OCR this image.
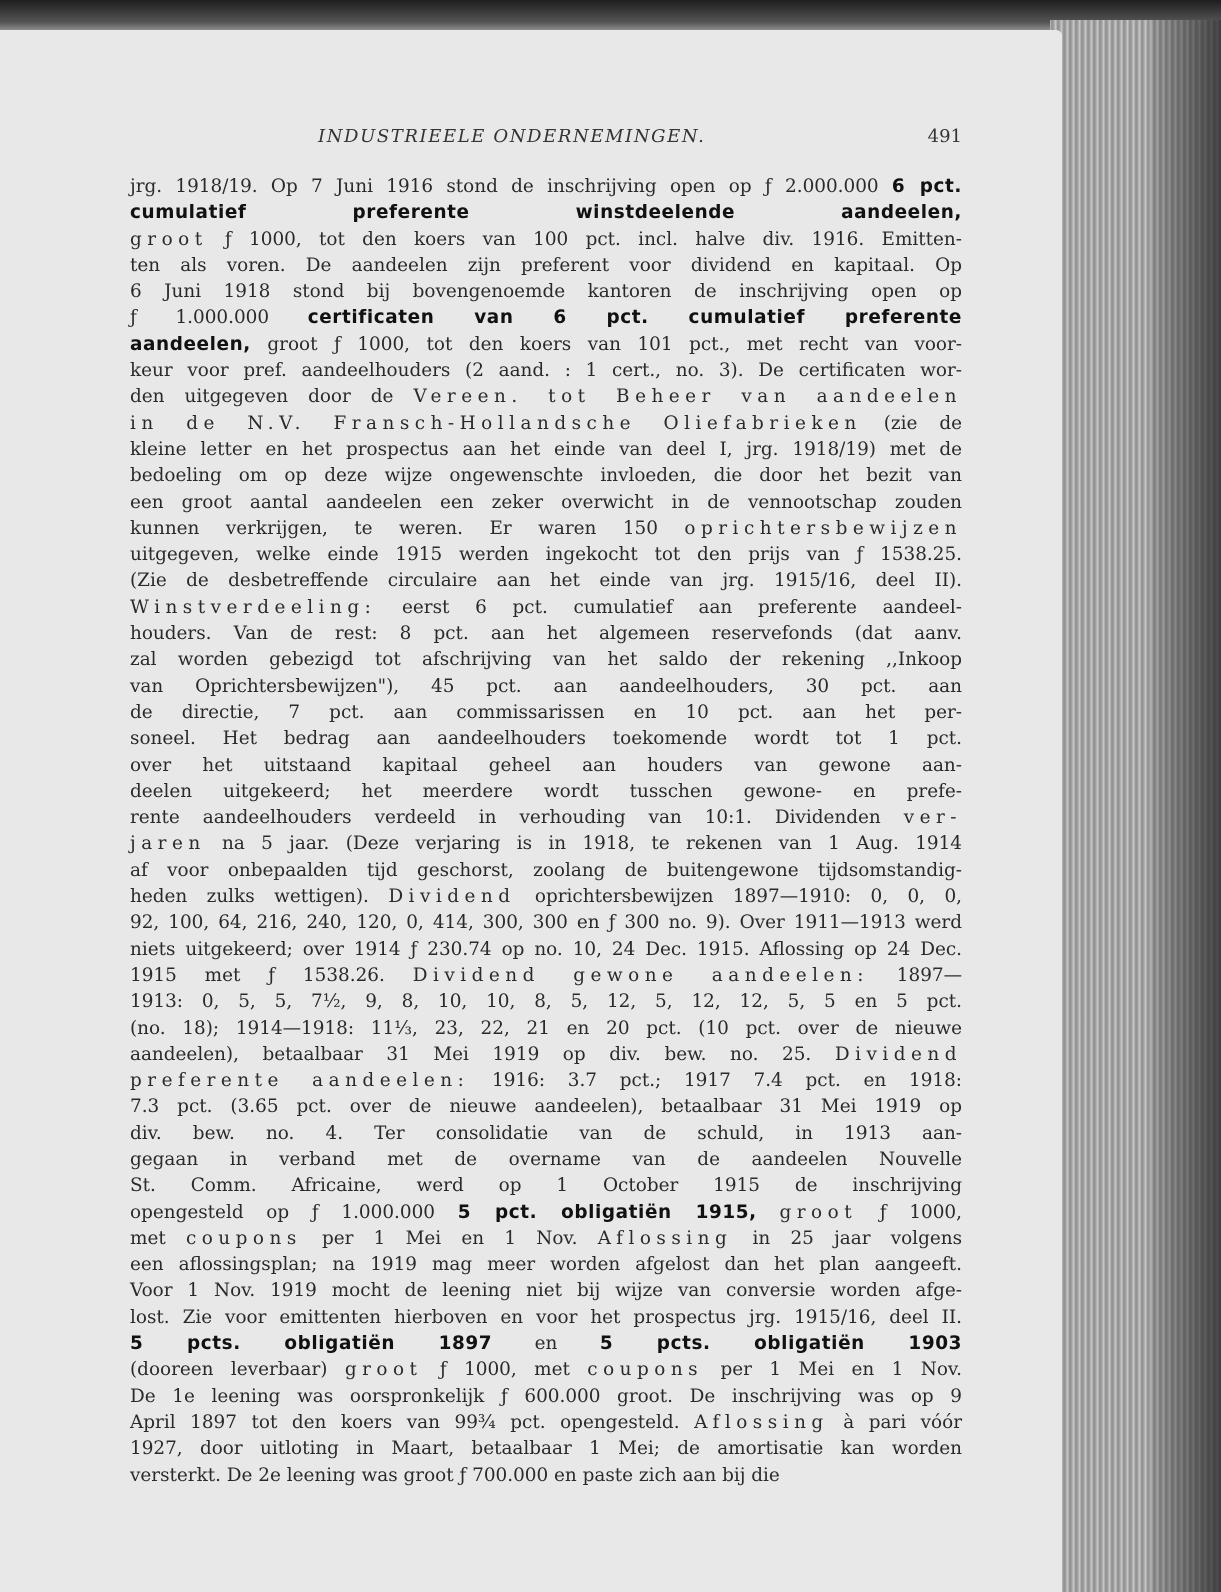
INDUSTRIEELE ONDERNEMINGEN.	491
jrg. 1918/19. Op 7 Juni 1916 stond de inschrijving open op ƒ 2.000.000 6 pct.
cumulatief preferente winstdeelende aandeelen,
groot ƒ 1000, tot den koers van 100 pct. incl. halve div. 1916. Emitten-
ten als voren. De aandeelen zijn preferent voor dividend en kapitaal. Op
6 Juni 1918 stond bij bovengenoemde kantoren de inschrijving open op
ƒ 1.000.000 certificaten van 6 pct. cumulatief preferente
aandeelen, groot ƒ 1000, tot den koers van 101 pct., met recht van voor-
keur voor pref. aandeelhouders (2 aand. : 1 cert., no. 3). De certificaten wor-
den uitgegeven door de Vereen. tot Beheer van aandeelen
in de N.V. Fransch-Hollandsche Oliefabrieken (zie de
kleine letter en het prospectus aan het einde van deel I, jrg. 1918/19) met de
bedoeling om op deze wijze ongewenschte invloeden, die door het bezit van
een groot aantal aandeelen een zeker overwicht in de vennootschap zouden
kunnen verkrijgen, te weren. Er waren 150 oprichtersbewijzen
uitgegeven, welke einde 1915 werden ingekocht tot den prijs van ƒ 1538.25.
(Zie de desbetreffende circulaire aan het einde van jrg. 1915/16, deel II).
Winstverdeeling: eerst 6 pct. cumulatief aan preferente aandeel-
houders. Van de rest: 8 pct. aan het algemeen reservefonds (dat aanv.
zal worden gebezigd tot afschrijving van het saldo der rekening ,,Inkoop
van Oprichtersbewijzen"), 45 pct. aan aandeelhouders, 30 pct. aan
de directie, 7 pct. aan commissarissen en 10 pct. aan het per-
soneel. Het bedrag aan aandeelhouders toekomende wordt tot 1 pct.
over het uitstaand kapitaal geheel aan houders van gewone aan-
deelen uitgekeerd; het meerdere wordt tusschen gewone- en prefe-
rente aandeelhouders verdeeld in verhouding van 10:1. Dividenden ver-
jaren na 5 jaar. (Deze verjaring is in 1918, te rekenen van 1 Aug. 1914
af voor onbepaalden tijd geschorst, zoolang de buitengewone tijdsomstandig-
heden zulks wettigen). Dividend oprichtersbewijzen 1897—1910: 0, 0, 0,
92, 100, 64, 216, 240, 120, 0, 414, 300, 300 en ƒ 300 no. 9). Over 1911—1913 werd
niets uitgekeerd; over 1914 ƒ 230.74 op no. 10, 24 Dec. 1915. Aflossing op 24 Dec.
1915 met ƒ 1538.26. Dividend gewone aandeelen: 1897—
1913: 0, 5, 5, 7½, 9, 8, 10, 10, 8, 5, 12, 5, 12, 12, 5, 5 en 5 pct.
(no. 18); 1914—1918: 11⅓, 23, 22, 21 en 20 pct. (10 pct. over de nieuwe
aandeelen), betaalbaar 31 Mei 1919 op div. bew. no. 25. Dividend
preferente aandeelen: 1916: 3.7 pct.; 1917 7.4 pct. en 1918:
7.3 pct. (3.65 pct. over de nieuwe aandeelen), betaalbaar 31 Mei 1919 op
div. bew. no. 4. Ter consolidatie van de schuld, in 1913 aan-
gegaan in verband met de overname van de aandeelen Nouvelle
St. Comm. Africaine, werd op 1 October 1915 de inschrijving
opengesteld op ƒ 1.000.000 5 pct. obligatiën 1915, groot ƒ 1000,
met coupons per 1 Mei en 1 Nov. Aflossing in 25 jaar volgens
een aflossingsplan; na 1919 mag meer worden afgelost dan het plan aangeeft.
Voor 1 Nov. 1919 mocht de leening niet bij wijze van conversie worden afge-
lost. Zie voor emittenten hierboven en voor het prospectus jrg. 1915/16, deel II.
5 pcts. obligatiën 1897 en 5 pcts. obligatiën 1903
(dooreen leverbaar) groot ƒ 1000, met coupons per 1 Mei en 1 Nov.
De 1e leening was oorspronkelijk ƒ 600.000 groot. De inschrijving was op 9
April 1897 tot den koers van 99¾ pct. opengesteld. Aflossing à pari vóór
1927, door uitloting in Maart, betaalbaar 1 Mei; de amortisatie kan worden
versterkt. De 2e leening was groot ƒ 700.000 en paste zich aan bij die
